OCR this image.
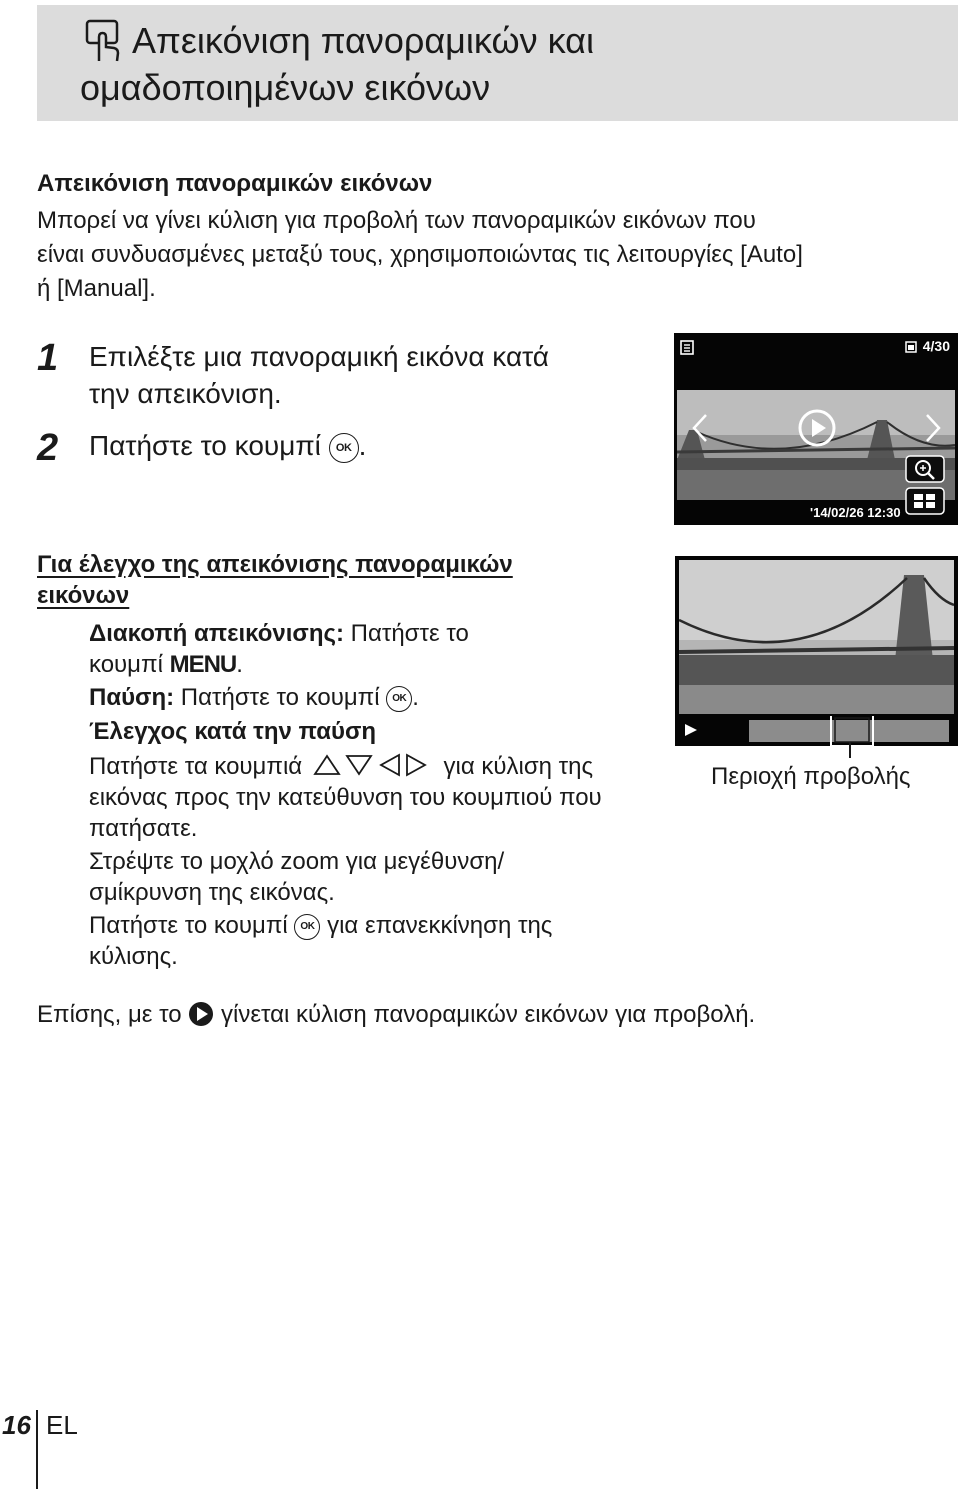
Απεικόνιση πανοραμικών και
ομαδοποιημένων εικόνων
Απεικόνιση πανοραμικών εικόνων
Μπορεί να γίνει κύλιση για προβολή των πανοραμικών εικόνων που
είναι συνδυασμένες μεταξύ τους, χρησιμοποιώντας τις λειτουργίες [Auto]
ή [Manual].
1 Επιλέξτε μια πανοραμική εικόνα κατά
την απεικόνιση.
2 Πατήστε το κουμπί OK .
4/30
'14/02/26 12:30
Για έλεγχο της απεικόνισης πανοραμικών
εικόνων
Διακοπή απεικόνισης: Πατήστε το
κουμπί MENU.
Παύση: Πατήστε το κουμπί OK .
Έλεγχος κατά την παύση
Πατήστε τα κουμπιά	για κύλιση της
εικόνας προς την κατεύθυνση του κουμπιού που
πατήσατε.
Στρέψτε το μοχλό zoom για μεγέθυνση/
σμίκρυνση της εικόνας.
Πατήστε το κουμπί OK για επανεκκίνηση της
κύλισης.
Περιοχή προβολής
Επίσης, με το γίνεται κύλιση πανοραμικών εικόνων για προβολή.
16 EL
